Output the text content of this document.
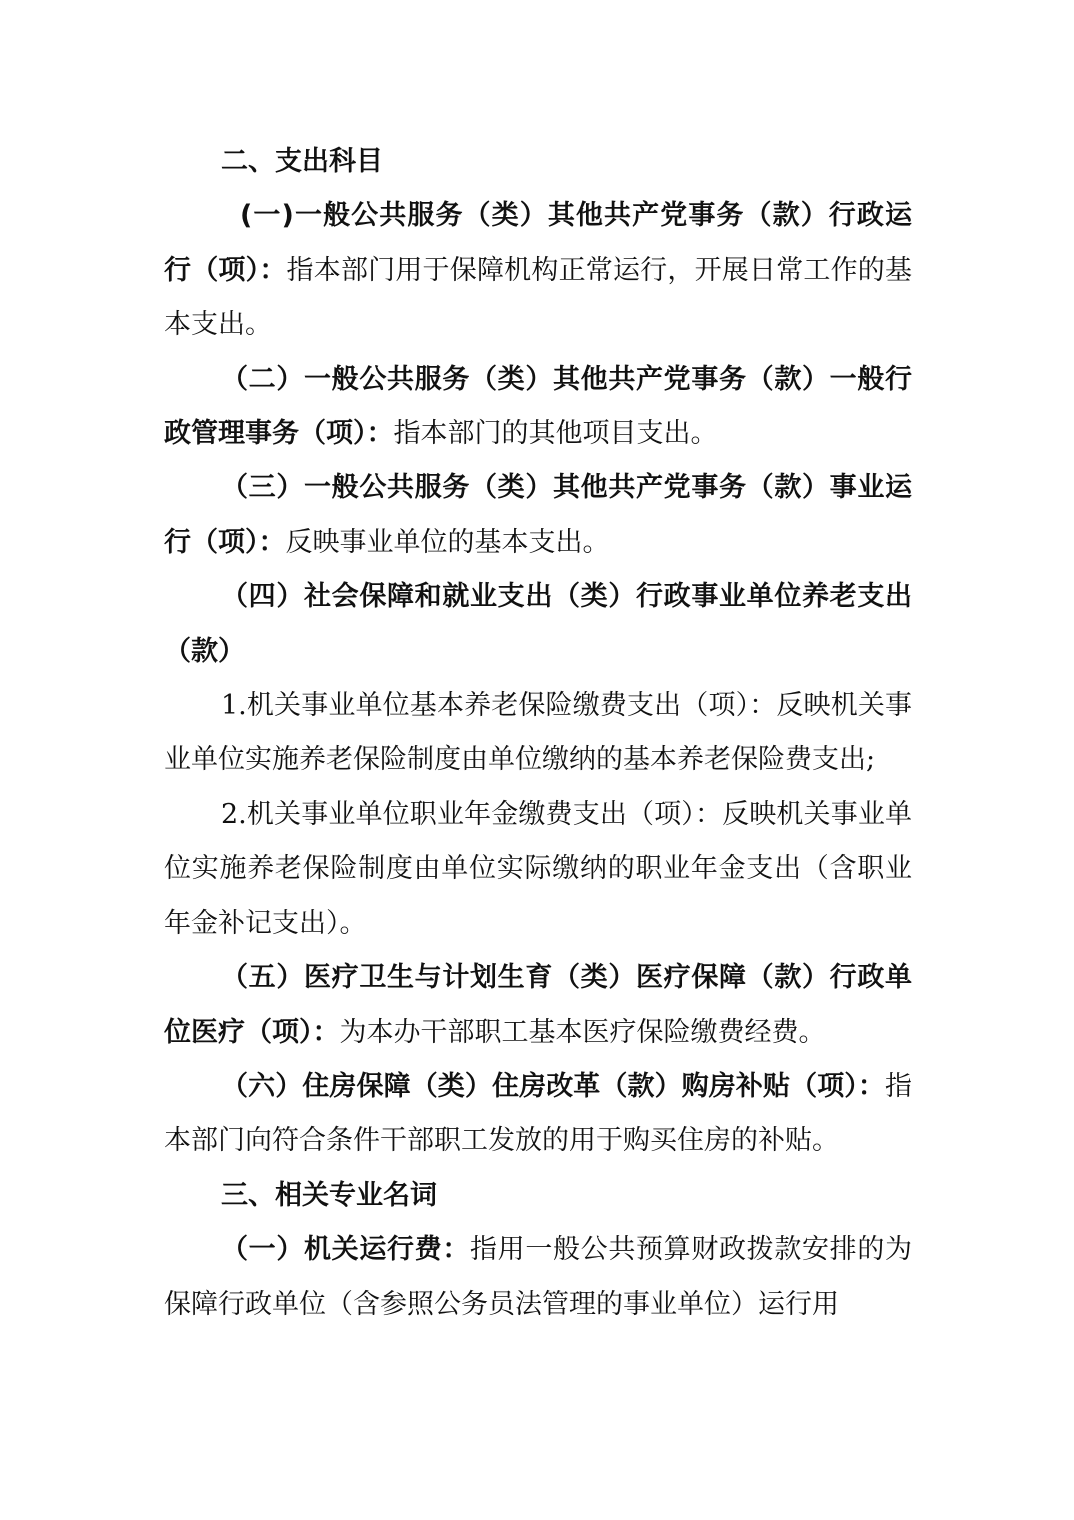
二、支出科目

(一)一般公共服务（类）其他共产党事务（款）行政运行（项）：指本部门用于保障机构正常运行，开展日常工作的基本支出。

（二）一般公共服务（类）其他共产党事务（款）一般行政管理事务（项）：指本部门的其他项目支出。

（三）一般公共服务（类）其他共产党事务（款）事业运行（项）：反映事业单位的基本支出。

（四）社会保障和就业支出（类）行政事业单位养老支出（款）

1.机关事业单位基本养老保险缴费支出（项）：反映机关事业单位实施养老保险制度由单位缴纳的基本养老保险费支出;

2.机关事业单位职业年金缴费支出（项）：反映机关事业单位实施养老保险制度由单位实际缴纳的职业年金支出（含职业年金补记支出）。

（五）医疗卫生与计划生育（类）医疗保障（款）行政单位医疗（项）：为本办干部职工基本医疗保险缴费经费。

（六）住房保障（类）住房改革（款）购房补贴（项）：指本部门向符合条件干部职工发放的用于购买住房的补贴。

三、相关专业名词

（一）机关运行费：指用一般公共预算财政拨款安排的为保障行政单位（含参照公务员法管理的事业单位）运行用
